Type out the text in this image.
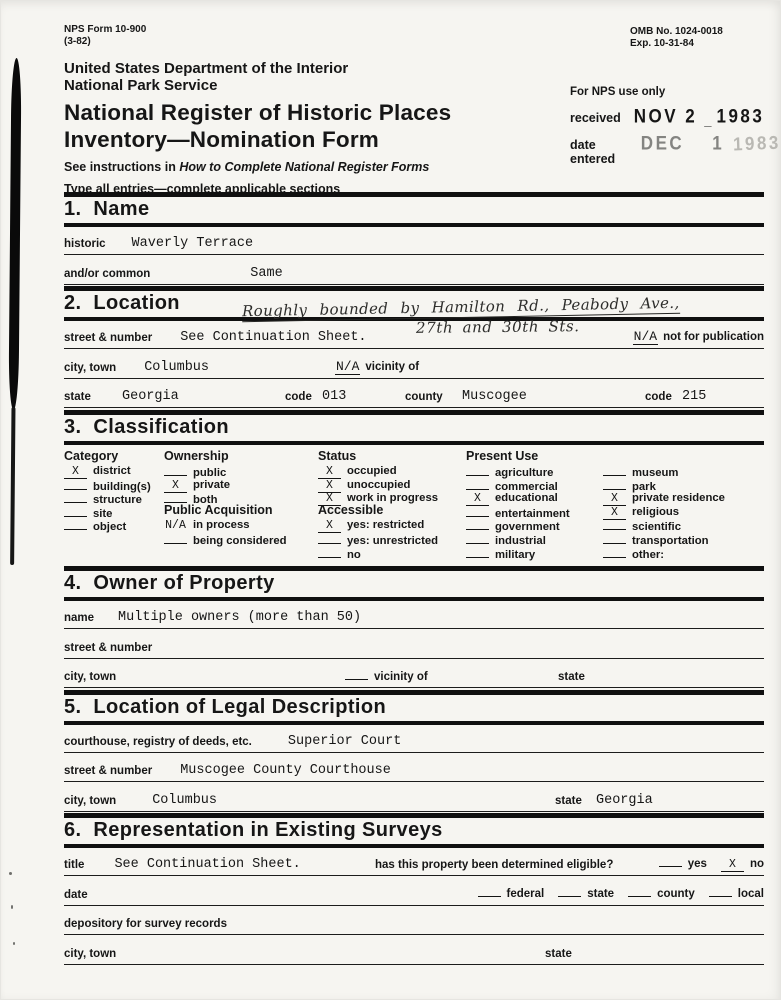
NPS Form 10-900
(3-82)
OMB No. 1024-0018
Exp. 10-31-84
United States Department of the Interior
National Park Service
National Register of Historic Places
Inventory—Nomination Form
For NPS use only
received NOV 2 _ 1983
date entered
DEC 1 1983
See instructions in How to Complete National Register Forms
Type all entries—complete applicable sections
1.  Name
historic Waverly Terrace
and/or common	Same
2.  Location	Roughly bounded by Hamilton Rd., Peabody Ave.,
27th and 30th Sts.
street & number See Continuation Sheet.	N/A not for publication
city, town Columbus	N/A vicinity of
state Georgia	code 013	county Muscogee	code 215
3.  Classification
Category
X district
building(s)
structure
site
object
Ownership
public
X private
both
Public Acquisition
N/A in process
being considered
Status
X occupied
X unoccupied
X work in progress
Accessible
X yes: restricted
yes: unrestricted
no
Present Use
agriculture	museum
commercial	park
X educational	X private residence
entertainment	X religious
government	scientific
industrial	transportation
military	other:
4.  Owner of Property
name Multiple owners (more than 50)
street & number
city, town	vicinity of	state
5.  Location of Legal Description
courthouse, registry of deeds, etc.	Superior Court
street & number Muscogee County Courthouse
city, town	Columbus	state Georgia
6.  Representation in Existing Surveys
title See Continuation Sheet.	has this property been determined eligible?	yes	X no
date	federal	state	county	local
depository for survey records
city, town	state
